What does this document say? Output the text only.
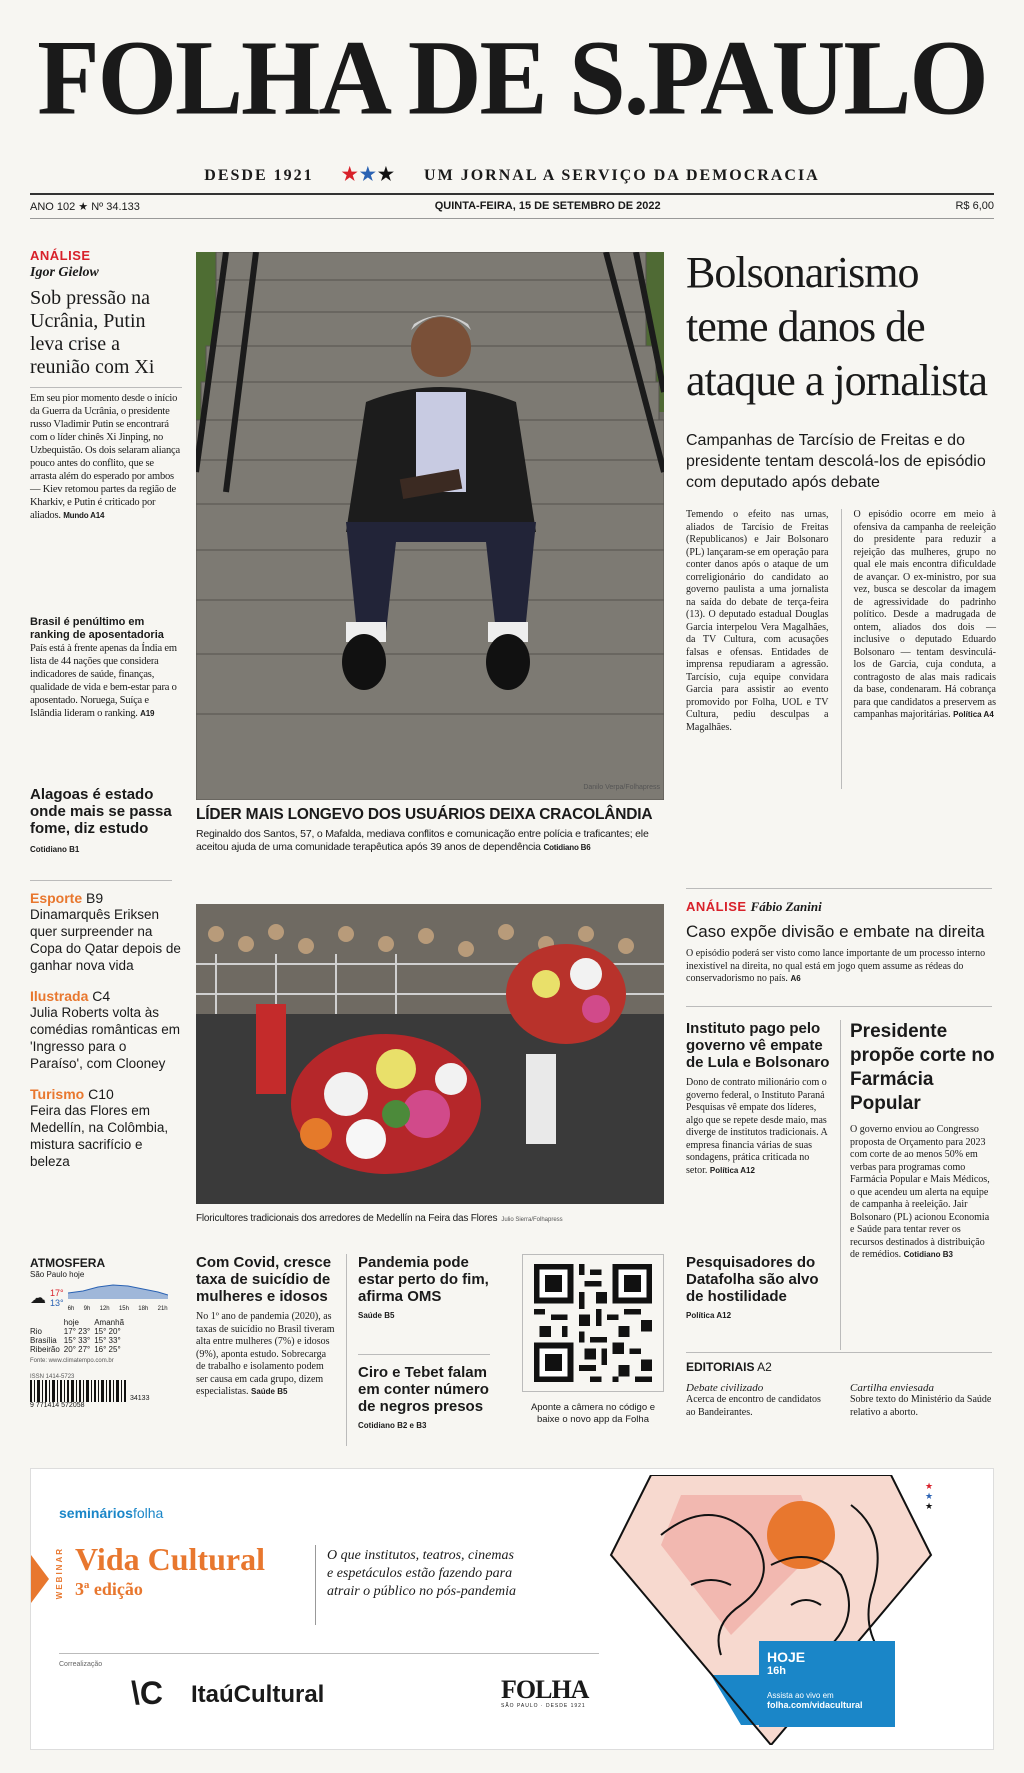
FOLHA DE S.PAULO
DESDE 1921 ★★★ UM JORNAL A SERVIÇO DA DEMOCRACIA
ANO 102 ★ Nº 34.133	QUINTA-FEIRA, 15 DE SETEMBRO DE 2022	R$ 6,00
ANÁLISE
Igor Gielow
Sob pressão na Ucrânia, Putin leva crise a reunião com Xi
Em seu pior momento desde o início da Guerra da Ucrânia, o presidente russo Vladimir Putin se encontrará com o líder chinês Xi Jinping, no Uzbequistão. Os dois selaram aliança pouco antes do conflito, que se arrasta além do esperado por ambos — Kiev retomou partes da região de Kharkiv, e Putin é criticado por aliados. Mundo A14
Brasil é penúltimo em ranking de aposentadoria
País está à frente apenas da Índia em lista de 44 nações que considera indicadores de saúde, finanças, qualidade de vida e bem-estar para o aposentado. Noruega, Suíça e Islândia lideram o ranking. A19
Alagoas é estado onde mais se passa fome, diz estudo
Cotidiano B1
Esporte B9
Dinamarquês Eriksen quer surpreender na Copa do Qatar depois de ganhar nova vida
Ilustrada C4
Julia Roberts volta às comédias românticas em 'Ingresso para o Paraíso', com Clooney
Turismo C10
Feira das Flores em Medellín, na Colômbia, mistura sacrifício e beleza
ATMOSFERA
São Paulo hoje
☁ 17°
13°
6h 9h 12h 15h 18h 21h
	hoje	Amanhã
Rio	17° 23°	15° 20°
Brasília	15° 33°	15° 33°
Ribeirão	20° 27°	16° 25°
Fonte: www.climatempo.com.br
ISSN 1414-5723
34133
9 771414 572058
Danilo Verpa/Folhapress
LÍDER MAIS LONGEVO DOS USUÁRIOS DEIXA CRACOLÂNDIA
Reginaldo dos Santos, 57, o Mafalda, mediava conflitos e comunicação entre polícia e traficantes; ele aceitou ajuda de uma comunidade terapêutica após 39 anos de dependência Cotidiano B6
Bolsonarismo teme danos de ataque a jornalista
Campanhas de Tarcísio de Freitas e do presidente tentam descolá-los de episódio com deputado após debate
Temendo o efeito nas urnas, aliados de Tarcísio de Freitas (Republicanos) e Jair Bolsonaro (PL) lançaram-se em operação para conter danos após o ataque de um correligionário do candidato ao governo paulista a uma jornalista na saída do debate de terça-feira (13). O deputado estadual Douglas Garcia interpelou Vera Magalhães, da TV Cultura, com acusações falsas e ofensas. Entidades de imprensa repudiaram a agressão. Tarcísio, cuja equipe convidara Garcia para assistir ao evento promovido por Folha, UOL e TV Cultura, pediu desculpas a Magalhães.
O episódio ocorre em meio à ofensiva da campanha de reeleição do presidente para reduzir a rejeição das mulheres, grupo no qual ele mais encontra dificuldade de avançar. O ex-ministro, por sua vez, busca se descolar da imagem de agressividade do padrinho político. Desde a madrugada de ontem, aliados dos dois — inclusive o deputado Eduardo Bolsonaro — tentam desvinculá-los de Garcia, cuja conduta, a contragosto de alas mais radicais da base, condenaram. Há cobrança para que candidatos a preservem as campanhas majoritárias. Política A4
ANÁLISE Fábio Zanini
Caso expõe divisão e embate na direita
O episódio poderá ser visto como lance importante de um processo interno inexistível na direita, no qual está em jogo quem assume as rédeas do conservadorismo no país. A6
Floricultores tradicionais dos arredores de Medellín na Feira das Flores Julio Sierra/Folhapress
Instituto pago pelo governo vê empate de Lula e Bolsonaro
Dono de contrato milionário com o governo federal, o Instituto Paraná Pesquisas vê empate dos líderes, algo que se repete desde maio, mas diverge de institutos tradicionais. A empresa financia várias de suas sondagens, prática criticada no setor. Política A12
Presidente propõe corte no Farmácia Popular
O governo enviou ao Congresso proposta de Orçamento para 2023 com corte de ao menos 50% em verbas para programas como Farmácia Popular e Mais Médicos, o que acendeu um alerta na equipe de campanha à reeleição. Jair Bolsonaro (PL) acionou Economia e Saúde para tentar rever os recursos destinados à distribuição de remédios. Cotidiano B3
Pesquisadores do Datafolha são alvo de hostilidade
Política A12
EDITORIAIS A2
Debate civilizado
Acerca de encontro de candidatos ao Bandeirantes.
Cartilha enviesada
Sobre texto do Ministério da Saúde relativo a aborto.
Com Covid, cresce taxa de suicídio de mulheres e idosos
No 1º ano de pandemia (2020), as taxas de suicídio no Brasil tiveram alta entre mulheres (7%) e idosos (9%), aponta estudo. Sobrecarga de trabalho e isolamento podem ser causa em cada grupo, dizem especialistas. Saúde B5
Pandemia pode estar perto do fim, afirma OMS
Saúde B5
Ciro e Tebet falam em conter número de negros presos
Cotidiano B2 e B3
Aponte a câmera no código e baixe o novo app da Folha
semináriosfolha
WEBINAR Vida Cultural
3ª edição
O que institutos, teatros, cinemas e espetáculos estão fazendo para atrair o público no pós-pandemia
Correalização
\C ItaúCultural	FOLHA
SÃO PAULO · DESDE 1921
★
★
★
HOJE
16h
Assista ao vivo em
folha.com/vidacultural
